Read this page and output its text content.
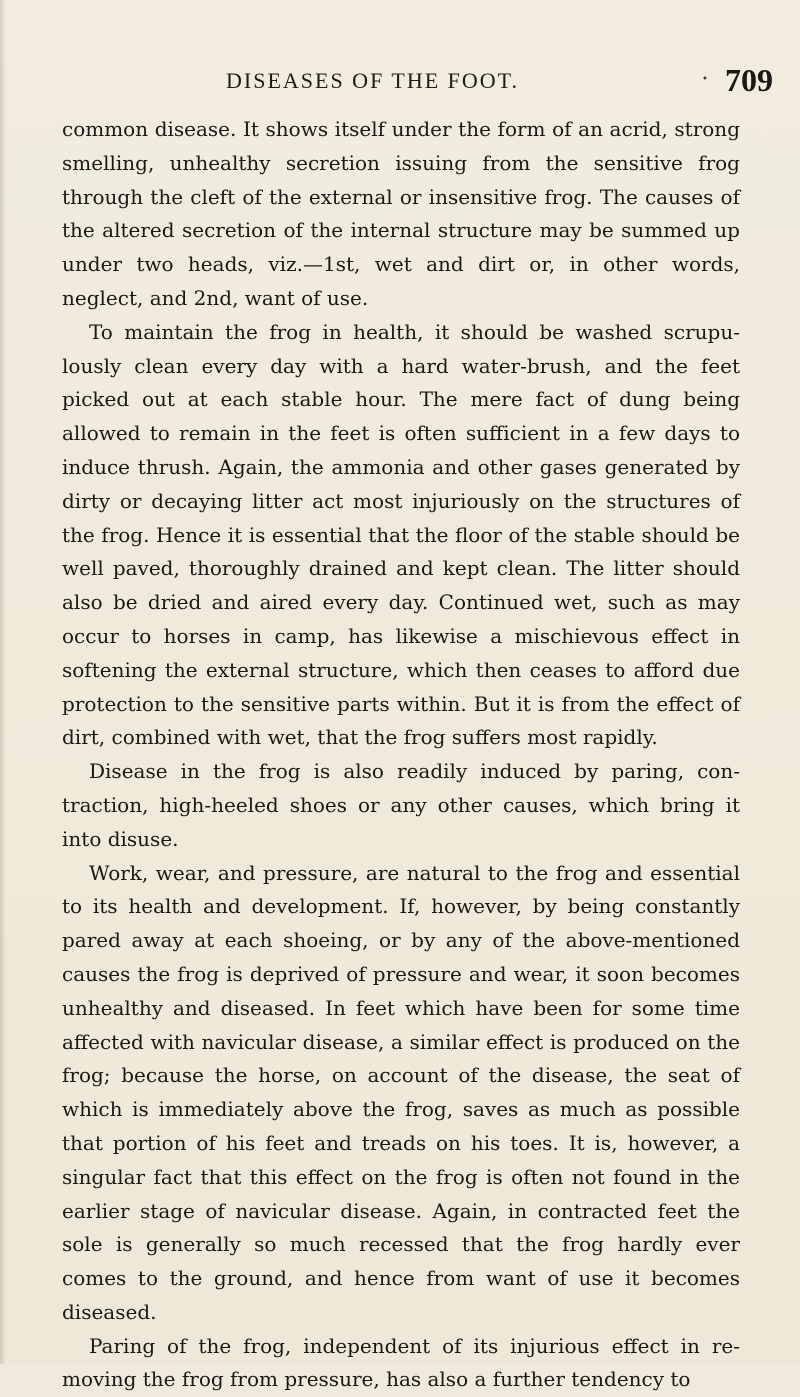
DISEASES OF THE FOOT.	• 709

common disease. It shows itself under the form of an acrid, strong smelling, unhealthy secretion issuing from the sensitive frog through the cleft of the external or insensitive frog. The causes of the altered secretion of the internal structure may be summed up under two heads, viz.—1st, wet and dirt or, in other words, neglect, and 2nd, want of use.

To maintain the frog in health, it should be washed scrupulously clean every day with a hard water-brush, and the feet picked out at each stable hour. The mere fact of dung being allowed to remain in the feet is often sufficient in a few days to induce thrush. Again, the ammonia and other gases generated by dirty or decaying litter act most injuriously on the structures of the frog. Hence it is essential that the floor of the stable should be well paved, thoroughly drained and kept clean. The litter should also be dried and aired every day. Continued wet, such as may occur to horses in camp, has likewise a mischievous effect in softening the external structure, which then ceases to afford due protection to the sensitive parts within. But it is from the effect of dirt, combined with wet, that the frog suffers most rapidly.

Disease in the frog is also readily induced by paring, contraction, high-heeled shoes or any other causes, which bring it into disuse.

Work, wear, and pressure, are natural to the frog and essential to its health and development. If, however, by being constantly pared away at each shoeing, or by any of the above-mentioned causes the frog is deprived of pressure and wear, it soon becomes unhealthy and diseased. In feet which have been for some time affected with navicular disease, a similar effect is produced on the frog; because the horse, on account of the disease, the seat of which is immediately above the frog, saves as much as possible that portion of his feet and treads on his toes. It is, however, a singular fact that this effect on the frog is often not found in the earlier stage of navicular disease. Again, in contracted feet the sole is generally so much recessed that the frog hardly ever comes to the ground, and hence from want of use it becomes diseased.

Paring of the frog, independent of its injurious effect in removing the frog from pressure, has also a further tendency to
